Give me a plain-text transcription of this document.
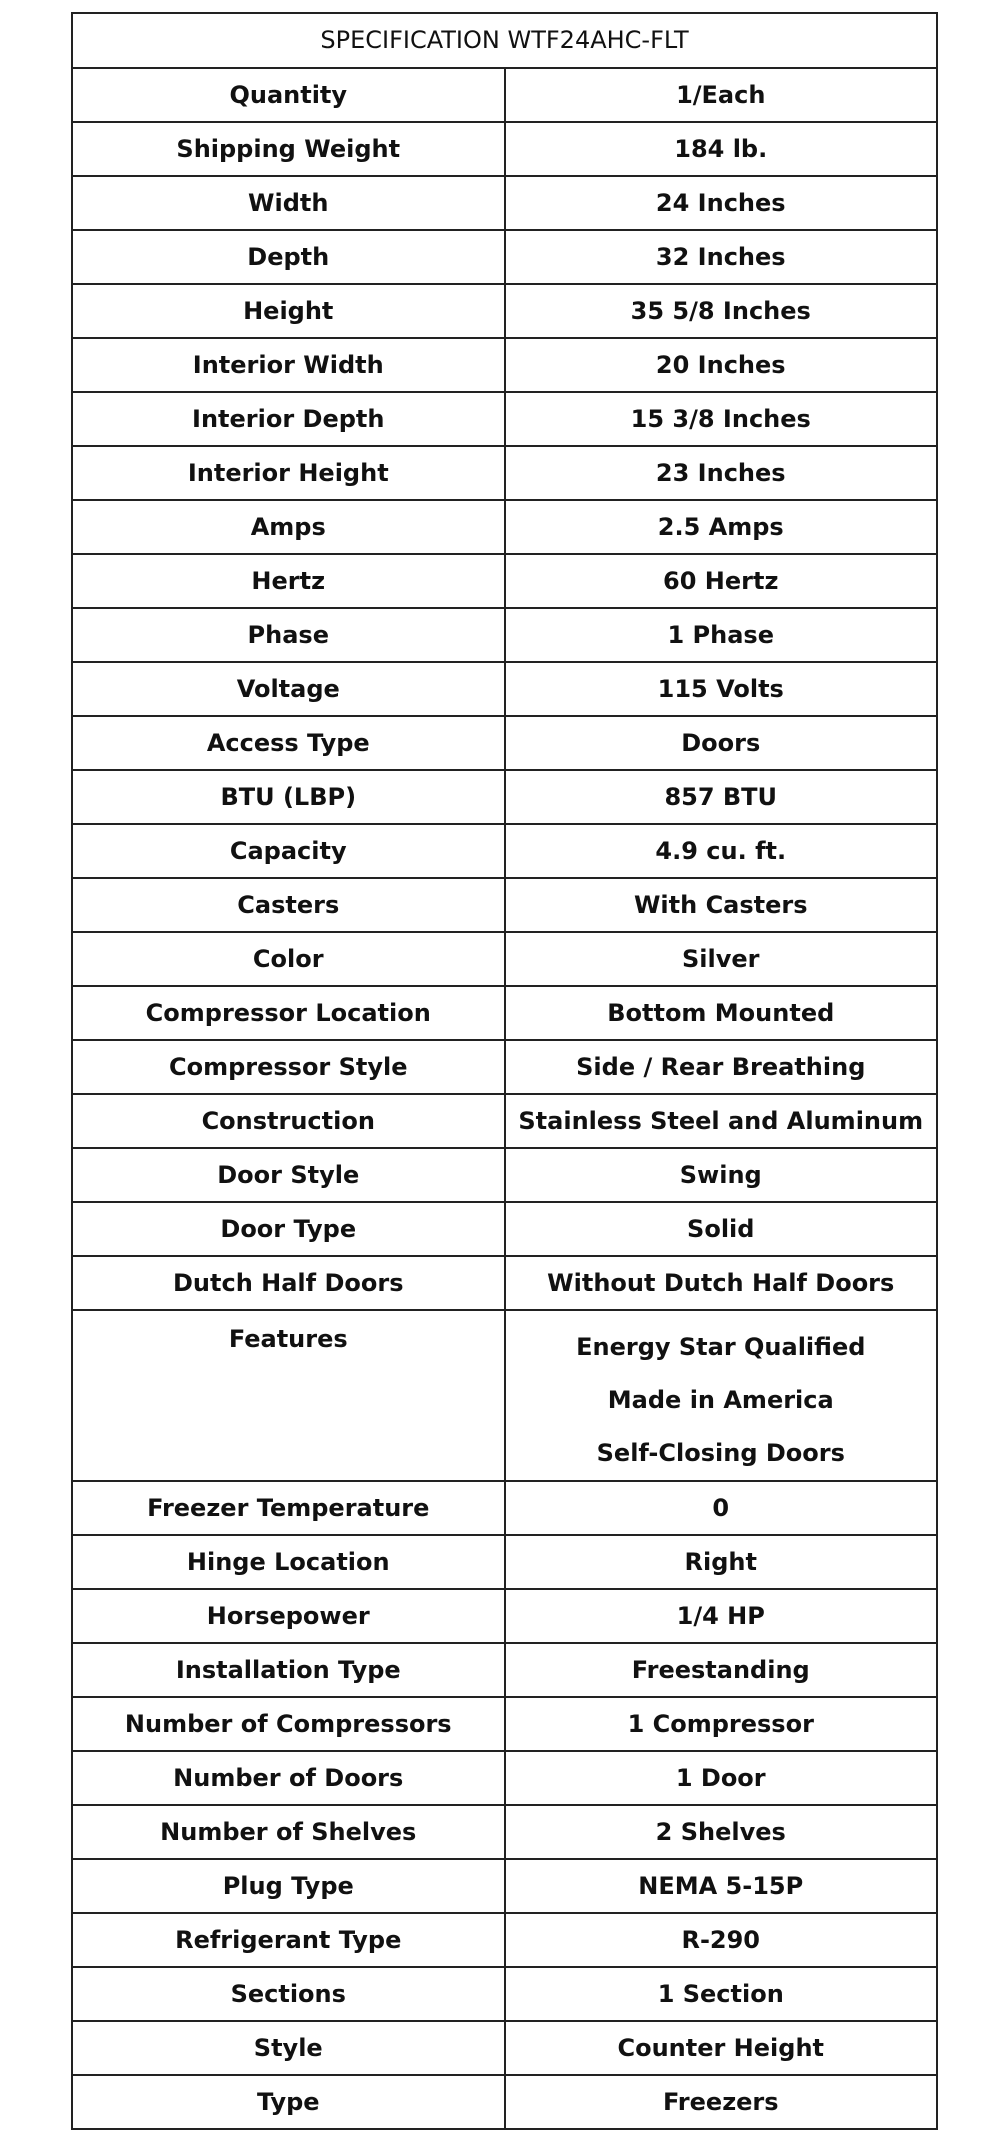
SPECIFICATION WTF24AHC-FLT	
Quantity	1/Each
Shipping Weight	184 lb.
Width	24 Inches
Depth	32 Inches
Height	35 5/8 Inches
Interior Width	20 Inches
Interior Depth	15 3/8 Inches
Interior Height	23 Inches
Amps	2.5 Amps
Hertz	60 Hertz
Phase	1 Phase
Voltage	115 Volts
Access Type	Doors
BTU (LBP)	857 BTU
Capacity	4.9 cu. ft.
Casters	With Casters
Color	Silver
Compressor Location	Bottom Mounted
Compressor Style	Side / Rear Breathing
Construction	Stainless Steel and Aluminum
Door Style	Swing
Door Type	Solid
Dutch Half Doors	Without Dutch Half Doors
Features	Energy Star Qualified
Made in America
Self-Closing Doors

Freezer Temperature	0
Hinge Location	Right
Horsepower	1/4 HP
Installation Type	Freestanding
Number of Compressors	1 Compressor
Number of Doors	1 Door
Number of Shelves	2 Shelves
Plug Type	NEMA 5-15P
Refrigerant Type	R-290
Sections	1 Section
Style	Counter Height
Type	Freezers
